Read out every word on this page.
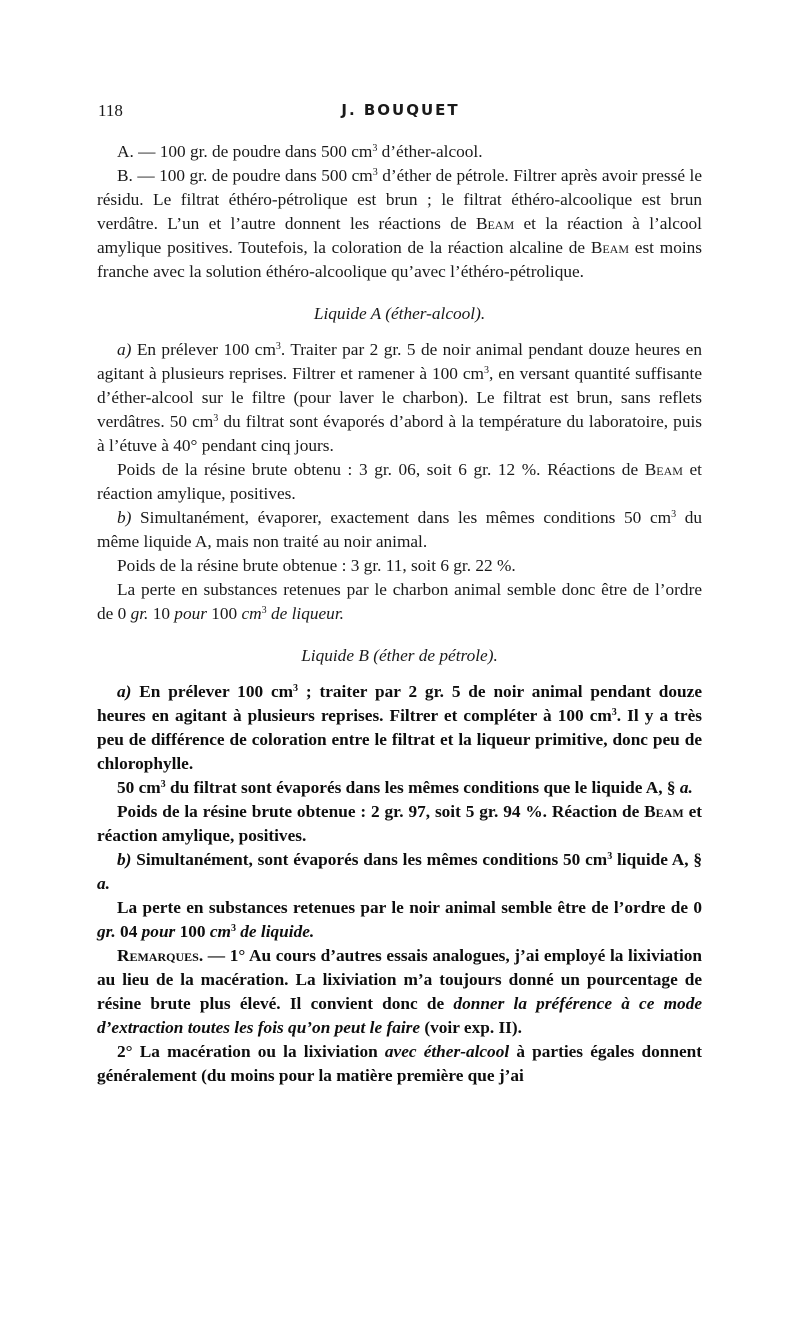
118	J. BOUQUET

A. — 100 gr. de poudre dans 500 $cm^3$ d’éther-alcool.

B. — 100 gr. de poudre dans 500 $cm^3$ d’éther de pétrole. Filtrer après avoir pressé le résidu. Le filtrat éthéro-pétrolique est brun ; le filtrat éthéro-alcoolique est brun verdâtre. L’un et l’autre donnent les réactions de Beam et la réaction à l’alcool amylique positives. Toutefois, la coloration de la réaction alcaline de Beam est moins franche avec la solution éthéro-alcoolique qu’avec l’éthéro-pétrolique.

Liquide A (éther-alcool).

a) En prélever 100 $cm^3$. Traiter par 2 gr. 5 de noir animal pendant douze heures en agitant à plusieurs reprises. Filtrer et ramener à 100 $cm^3$, en versant quantité suffisante d’éther-alcool sur le filtre (pour laver le charbon). Le filtrat est brun, sans reflets verdâtres. 50 $cm^3$ du filtrat sont évaporés d’abord à la température du laboratoire, puis à l’étuve à 40° pendant cinq jours.

Poids de la résine brute obtenu : 3 gr. 06, soit 6 gr. 12 %. Réactions de Beam et réaction amylique, positives.

b) Simultanément, évaporer, exactement dans les mêmes conditions 50 $cm^3$ du même liquide A, mais non traité au noir animal.

Poids de la résine brute obtenue : 3 gr. 11, soit 6 gr. 22 %.

La perte en substances retenues par le charbon animal semble donc être de l’ordre de 0 gr. 10 pour 100 $cm^3$ de liqueur.

Liquide B (éther de pétrole).

a) En prélever 100 $cm^3$ ; traiter par 2 gr. 5 de noir animal pendant douze heures en agitant à plusieurs reprises. Filtrer et compléter à 100 $cm^3$. Il y a très peu de différence de coloration entre le filtrat et la liqueur primitive, donc peu de chlorophylle.

50 $cm^3$ du filtrat sont évaporés dans les mêmes conditions que le liquide A, § a.

Poids de la résine brute obtenue : 2 gr. 97, soit 5 gr. 94 %. Réaction de Beam et réaction amylique, positives.

b) Simultanément, sont évaporés dans les mêmes conditions 50 $cm^3$ liquide A, § a.

La perte en substances retenues par le noir animal semble être de l’ordre de 0 gr. 04 pour 100 $cm^3$ de liquide.

Remarques. — 1° Au cours d’autres essais analogues, j’ai employé la lixiviation au lieu de la macération. La lixiviation m’a toujours donné un pourcentage de résine brute plus élevé. Il convient donc de donner la préférence à ce mode d’extraction toutes les fois qu’on peut le faire (voir exp. II).

2° La macération ou la lixiviation avec éther-alcool à parties égales donnent généralement (du moins pour la matière première que j’ai
